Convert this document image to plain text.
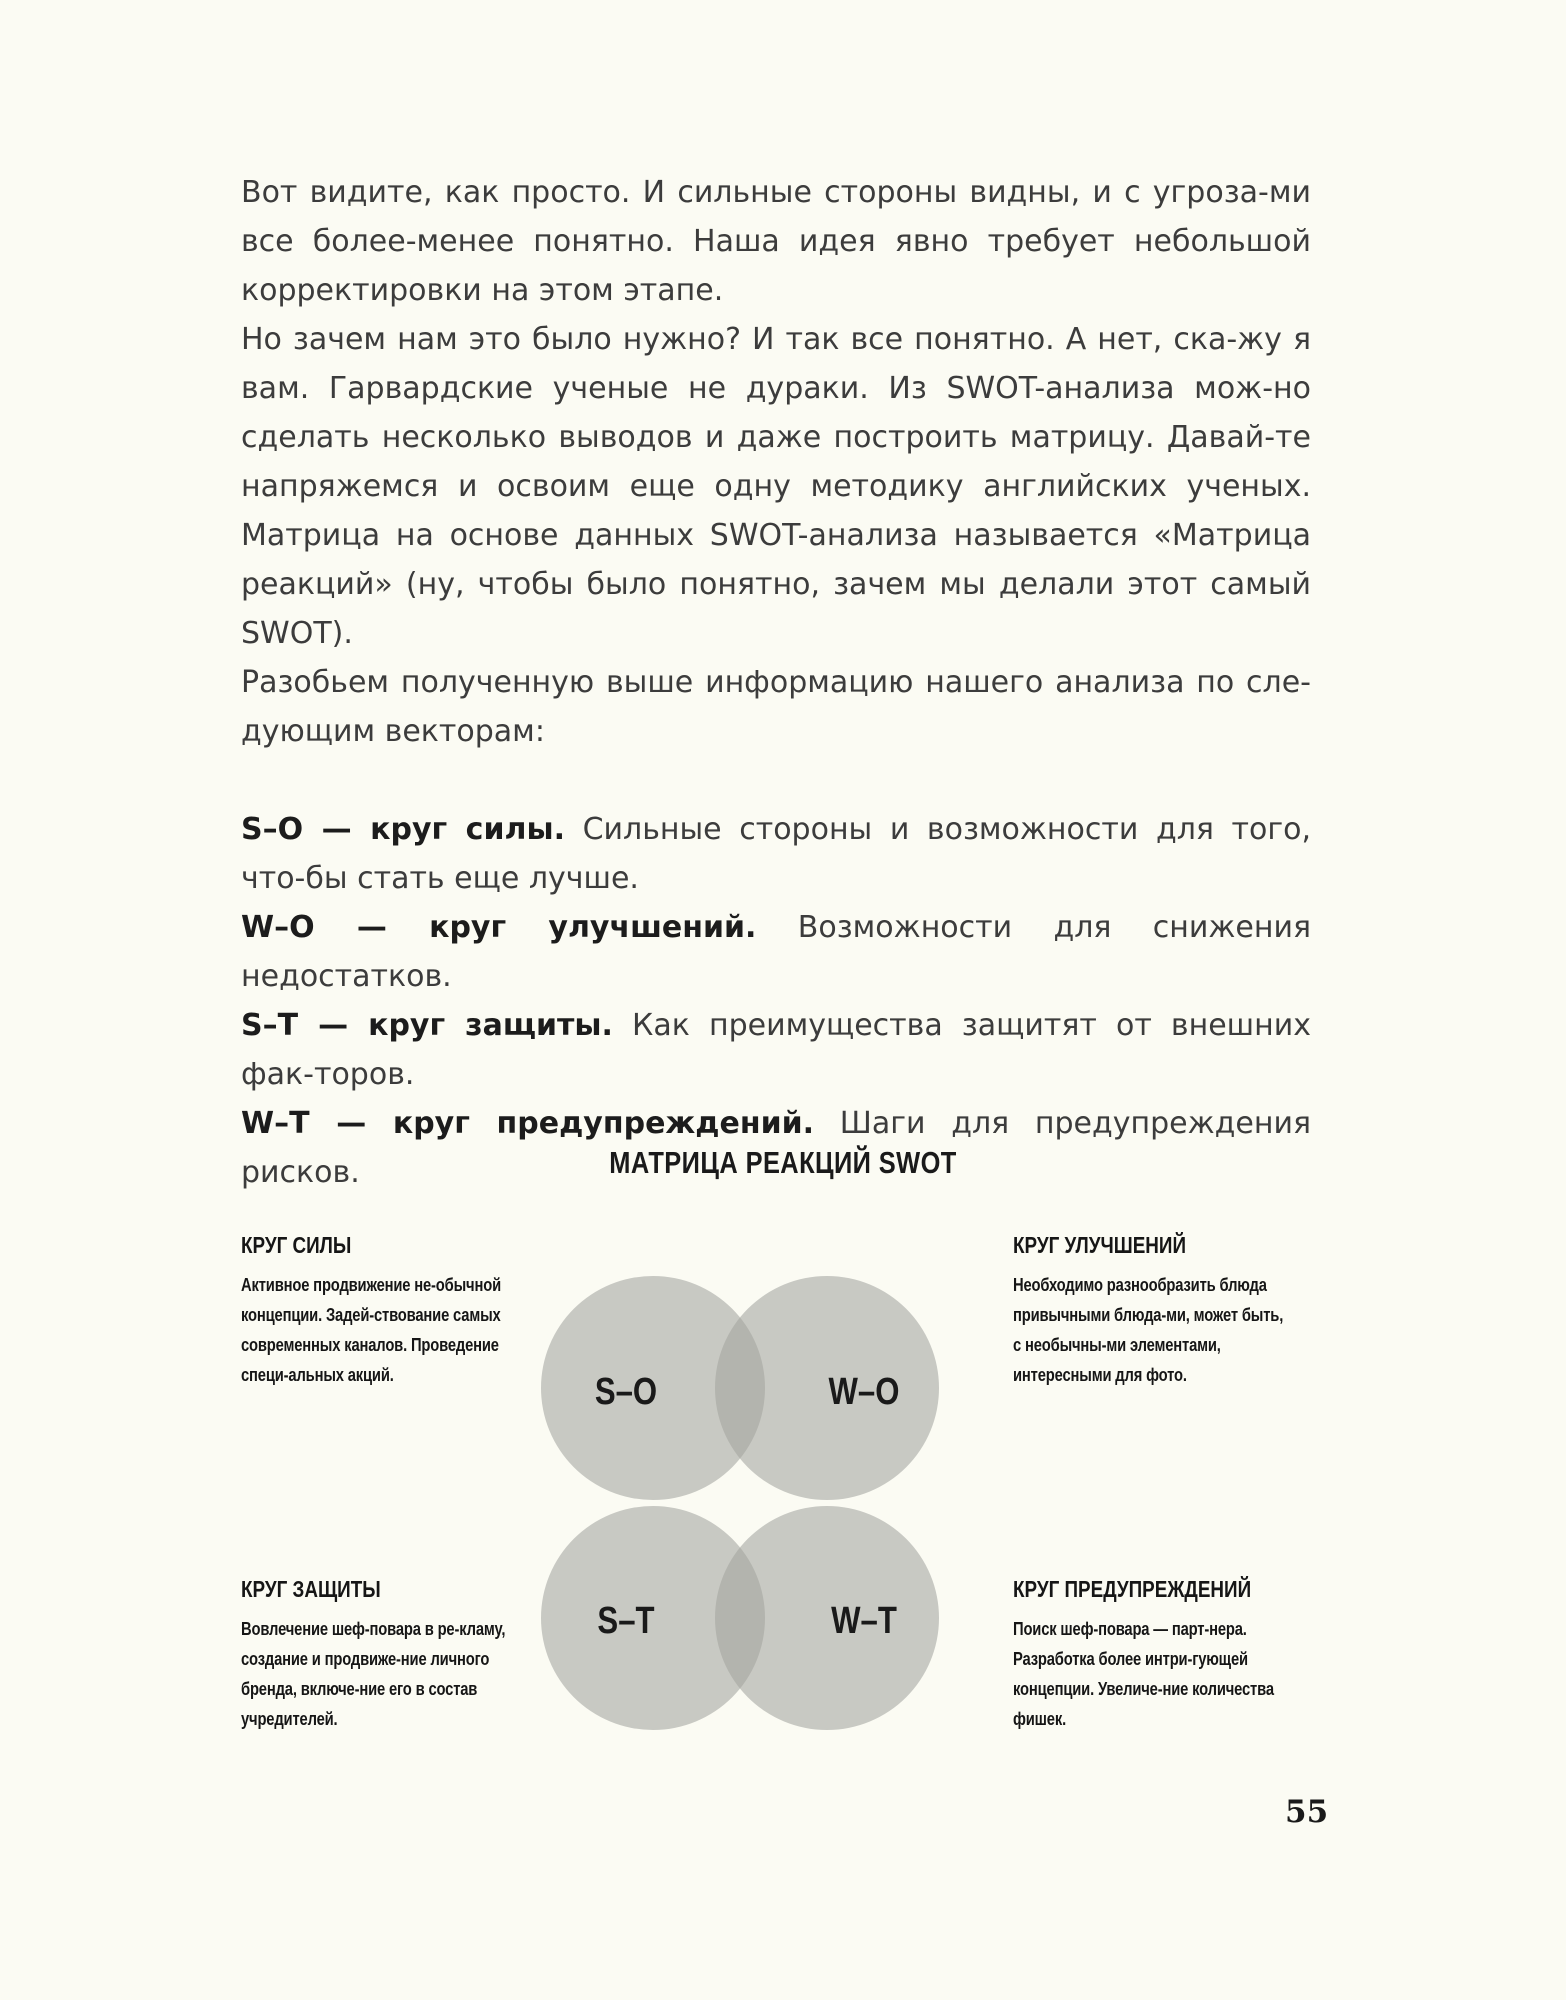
Вот видите, как просто. И сильные стороны видны, и с угроза-ми все более-менее понятно. Наша идея явно требует небольшой корректировки на этом этапе.

Но зачем нам это было нужно? И так все понятно. А нет, ска-жу я вам. Гарвардские ученые не дураки. Из SWOT-анализа мож-но сделать несколько выводов и даже построить матрицу. Давай-те напряжемся и освоим еще одну методику английских ученых. Матрица на основе данных SWOT-анализа называется «Матрица реакций» (ну, чтобы было понятно, зачем мы делали этот самый SWOT).

Разобьем полученную выше информацию нашего анализа по сле-дующим векторам:

S–O — круг силы. Сильные стороны и возможности для того, что-бы стать еще лучше.

W–O — круг улучшений. Возможности для снижения недостатков.

S–T — круг защиты. Как преимущества защитят от внешних фак-торов.

W–T — круг предупреждений. Шаги для предупреждения рисков.	МАТРИЦА РЕАКЦИЙ SWOT
КРУГ СИЛЫ
Активное продвижение не-обычной концепции. Задей-ствование самых современных каналов. Проведение специ-альных акций.
КРУГ УЛУЧШЕНИЙ
Необходимо разнообразить блюда привычными блюда-ми, может быть, с необычны-ми элементами, интересными для фото.
КРУГ ЗАЩИТЫ
Вовлечение шеф-повара в ре-кламу, создание и продвиже-ние личного бренда, включе-ние его в состав учредителей.
КРУГ ПРЕДУПРЕЖДЕНИЙ
Поиск шеф-повара — парт-нера. Разработка более интри-гующей концепции. Увеличе-ние количества фишек.
S–O	W–O
S–T	W–T
55
